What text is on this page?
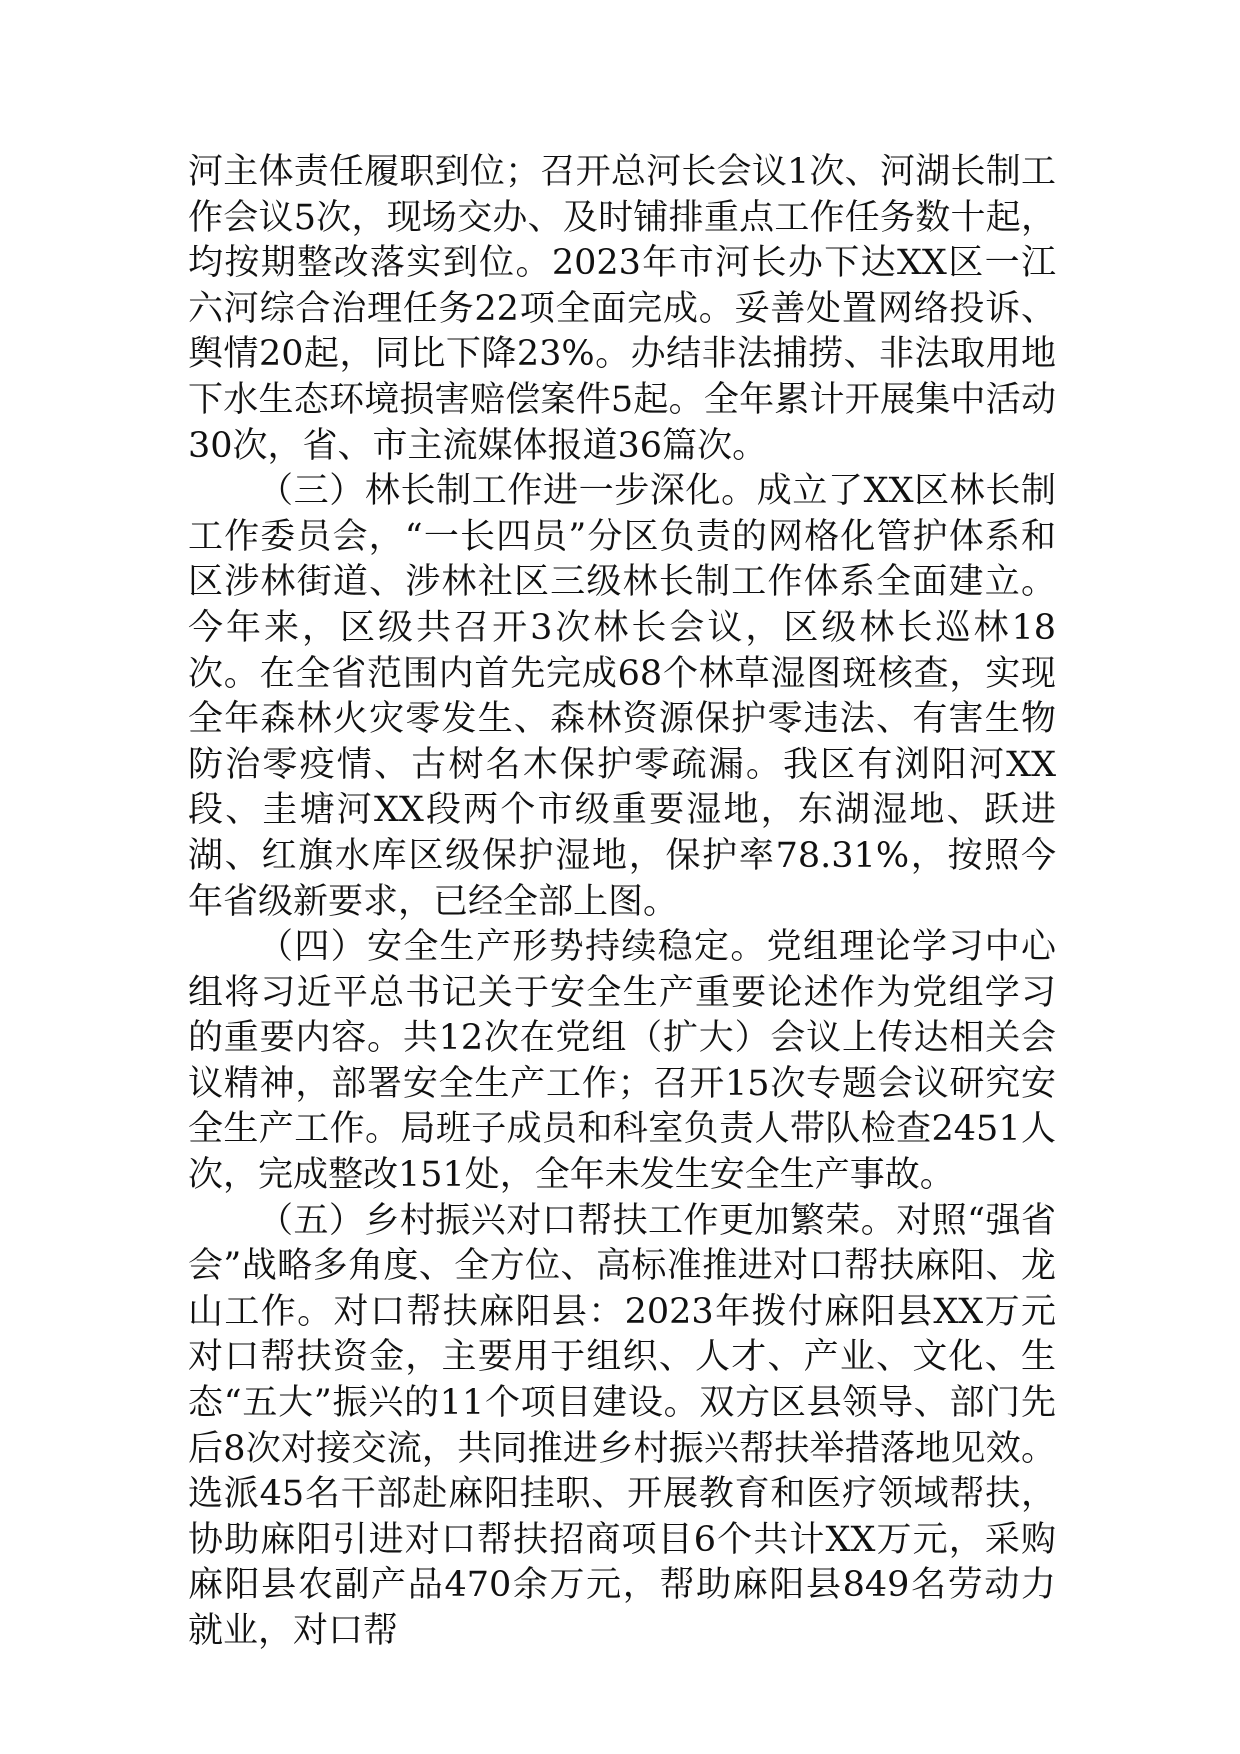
河主体责任履职到位；召开总河长会议1次、河湖长制工作会议5次，现场交办、及时铺排重点工作任务数十起，均按期整改落实到位。2023年市河长办下达XX区一江六河综合治理任务22项全面完成。妥善处置网络投诉、舆情20起，同比下降23%。办结非法捕捞、非法取用地下水生态环境损害赔偿案件5起。全年累计开展集中活动30次，省、市主流媒体报道36篇次。

（三）林长制工作进一步深化。成立了XX区林长制工作委员会，“一长四员”分区负责的网格化管护体系和区涉林街道、涉林社区三级林长制工作体系全面建立。今年来，区级共召开3次林长会议，区级林长巡林18次。在全省范围内首先完成68个林草湿图斑核查，实现全年森林火灾零发生、森林资源保护零违法、有害生物防治零疫情、古树名木保护零疏漏。我区有浏阳河XX段、圭塘河XX段两个市级重要湿地，东湖湿地、跃进湖、红旗水库区级保护湿地，保护率78.31%，按照今年省级新要求，已经全部上图。

（四）安全生产形势持续稳定。党组理论学习中心组将习近平总书记关于安全生产重要论述作为党组学习的重要内容。共12次在党组（扩大）会议上传达相关会议精神，部署安全生产工作；召开15次专题会议研究安全生产工作。局班子成员和科室负责人带队检查2451人次，完成整改151处，全年未发生安全生产事故。

（五）乡村振兴对口帮扶工作更加繁荣。对照“强省会”战略多角度、全方位、高标准推进对口帮扶麻阳、龙山工作。对口帮扶麻阳县：2023年拨付麻阳县XX万元对口帮扶资金，主要用于组织、人才、产业、文化、生态“五大”振兴的11个项目建设。双方区县领导、部门先后8次对接交流，共同推进乡村振兴帮扶举措落地见效。选派45名干部赴麻阳挂职、开展教育和医疗领域帮扶，协助麻阳引进对口帮扶招商项目6个共计XX万元，采购麻阳县农副产品470余万元，帮助麻阳县849名劳动力就业，对口帮
